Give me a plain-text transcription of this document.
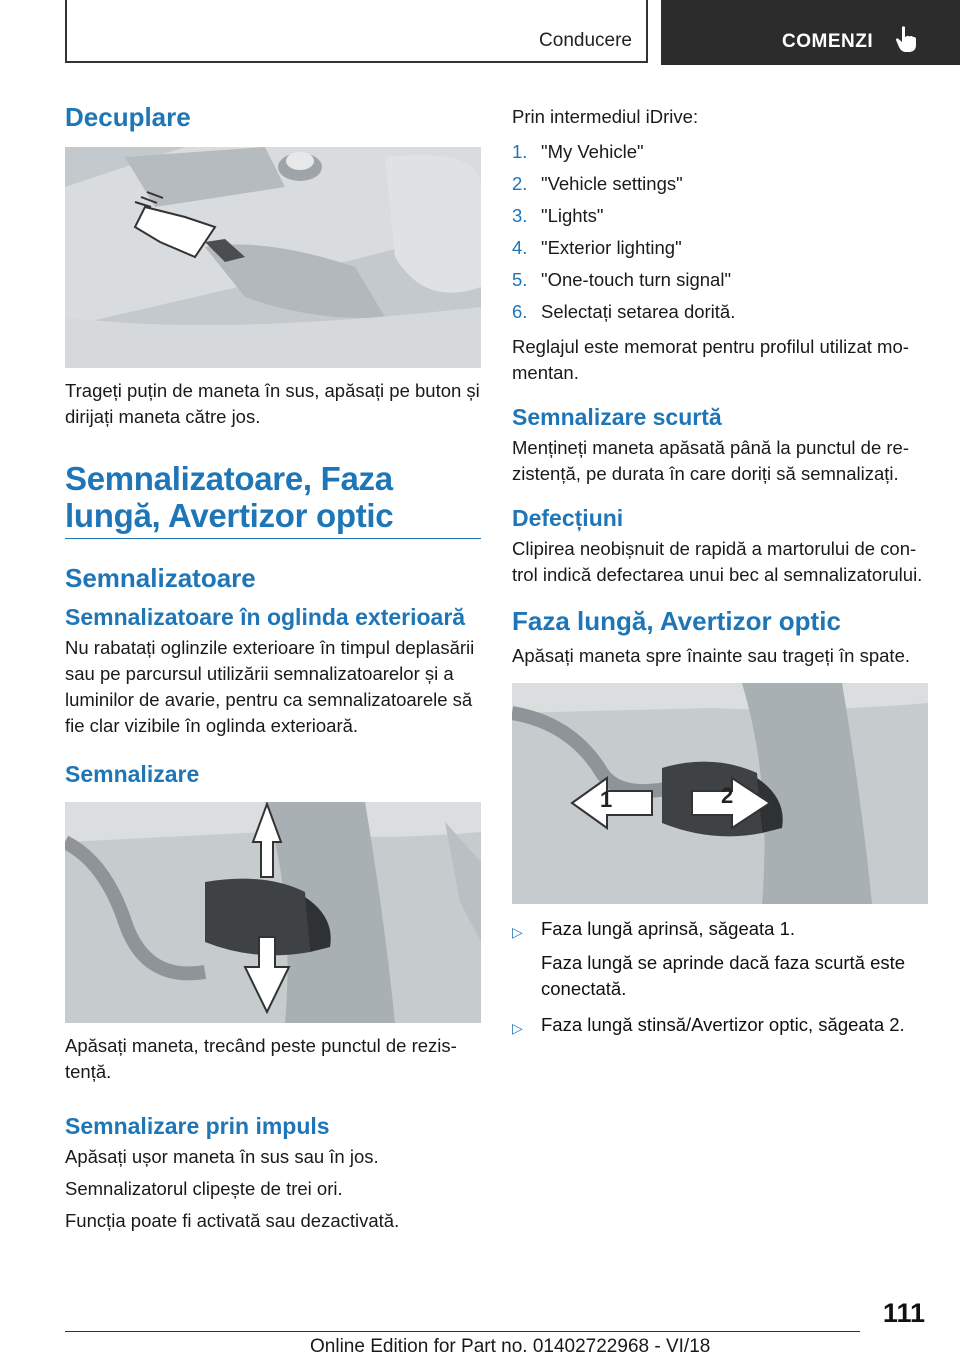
Conducere	COMENZI
Decuplare

Trageți puțin de maneta în sus, apăsați pe buton și dirijați maneta către jos.

Semnalizatoare, Faza lungă, Avertizor optic
Semnalizatoare
Semnalizatoare în oglinda exterioară

Nu rabatați oglinzile exterioare în timpul deplasării sau pe parcursul utilizării semnalizatoarelor și a luminilor de avarie, pentru ca semnalizatoarele să fie clar vizibile în oglinda exterioară.

Semnalizare

Apăsați maneta, trecând peste punctul de rezistență.

Semnalizare prin impuls

Apăsați ușor maneta în sus sau în jos.

Semnalizatorul clipește de trei ori.

Funcția poate fi activată sau dezactivată.

Prin intermediul iDrive:

1. "My Vehicle"
2. "Vehicle settings"
3. "Lights"
4. "Exterior lighting"
5. "One-touch turn signal"
6. Selectați setarea dorită.

Reglajul este memorat pentru profilul utilizat momentan.

Semnalizare scurtă

Mențineți maneta apăsată până la punctul de rezistență, pe durata în care doriți să semnalizați.

Defecțiuni

Clipirea neobișnuit de rapidă a martorului de control indică defectarea unui bec al semnalizatorului.

Faza lungă, Avertizor optic

Apăsați maneta spre înainte sau trageți în spate.

1	2
▷ Faza lungă aprinsă, săgeata 1.
Faza lungă se aprinde dacă faza scurtă este conectată.
▷ Faza lungă stinsă/Avertizor optic, săgeata 2.
111
Online Edition for Part no. 01402722968 - VI/18
